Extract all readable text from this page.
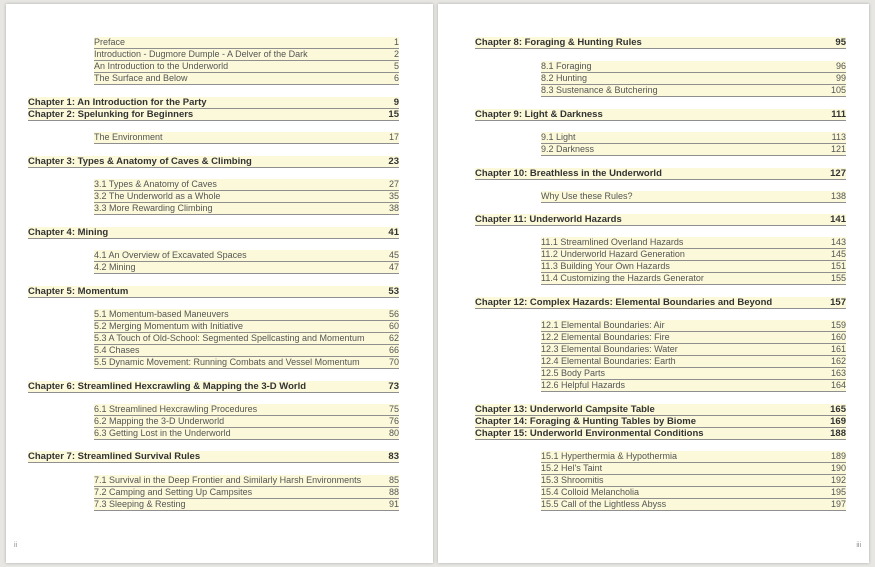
Preface	1
Introduction - Dugmore Dumple - A Delver of the Dark	2
An Introduction to the Underworld	5
The Surface and Below	6
Chapter 1: An Introduction for the Party	9
Chapter 2: Spelunking for Beginners	15
The Environment	17
Chapter 3: Types & Anatomy of Caves & Climbing	23
3.1 Types & Anatomy of Caves	27
3.2 The Underworld as a Whole	35
3.3 More Rewarding Climbing	38
Chapter 4: Mining	41
4.1 An Overview of Excavated Spaces	45
4.2 Mining	47
Chapter 5: Momentum	53
5.1 Momentum-based Maneuvers	56
5.2 Merging Momentum with Initiative	60
5.3 A Touch of Old-School: Segmented Spellcasting and Momentum	62
5.4 Chases	66
5.5 Dynamic Movement: Running Combats and Vessel Momentum	70
Chapter 6: Streamlined Hexcrawling & Mapping the 3-D World	73
6.1 Streamlined Hexcrawling Procedures	75
6.2 Mapping the 3-D Underworld	76
6.3 Getting Lost in the Underworld	80
Chapter 7: Streamlined Survival Rules	83
7.1 Survival in the Deep Frontier and Similarly Harsh Environments	85
7.2 Camping and Setting Up Campsites	88
7.3 Sleeping & Resting	91
ii
Chapter 8: Foraging & Hunting Rules	95
8.1 Foraging	96
8.2 Hunting	99
8.3 Sustenance & Butchering	105
Chapter 9: Light & Darkness	111
9.1 Light	113
9.2 Darkness	121
Chapter 10: Breathless in the Underworld	127
Why Use these Rules?	138
Chapter 11: Underworld Hazards	141
11.1 Streamlined Overland Hazards	143
11.2 Underworld Hazard Generation	145
11.3 Building Your Own Hazards	151
11.4 Customizing the Hazards Generator	155
Chapter 12: Complex Hazards: Elemental Boundaries and Beyond	157
12.1 Elemental Boundaries: Air	159
12.2 Elemental Boundaries: Fire	160
12.3 Elemental Boundaries: Water	161
12.4 Elemental Boundaries: Earth	162
12.5 Body Parts	163
12.6 Helpful Hazards	164
Chapter 13: Underworld Campsite Table	165
Chapter 14: Foraging & Hunting Tables by Biome	169
Chapter 15: Underworld Environmental Conditions	188
15.1 Hyperthermia & Hypothermia	189
15.2 Hel's Taint	190
15.3 Shroomitis	192
15.4 Colloid Melancholia	195
15.5 Call of the Lightless Abyss	197
iii
